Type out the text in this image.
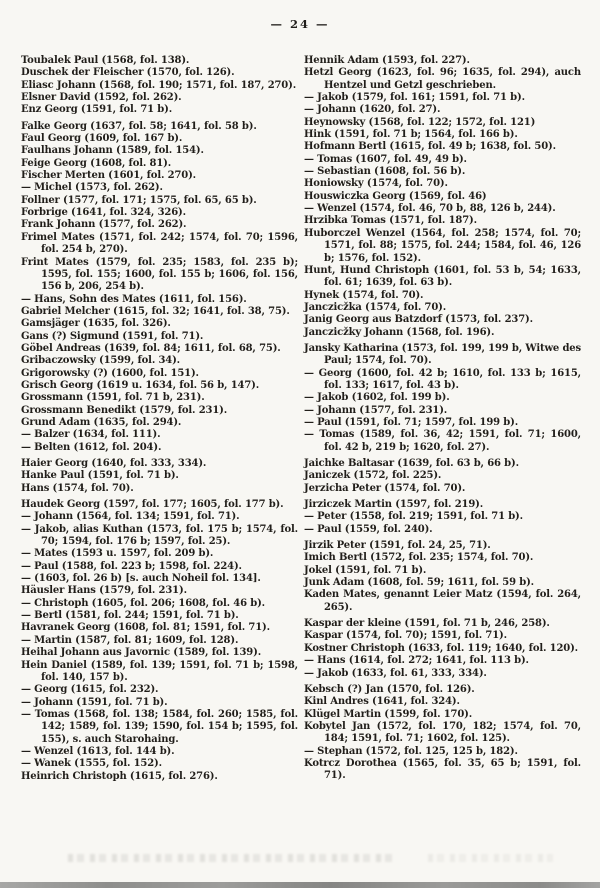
— 24 —

Toubalek Paul (1568, fol. 138).

Duschek der Fleischer (1570, fol. 126).

Eliasc Johann (1568, fol. 190; 1571, fol. 187, 270).

Elsner David (1592, fol. 262).

Enz Georg (1591, fol. 71 b).

Falke Georg (1637, fol. 58; 1641, fol. 58 b).

Faul Georg (1609, fol. 167 b).

Faulhans Johann (1589, fol. 154).

Feige Georg (1608, fol. 81).

Fischer Merten (1601, fol. 270).

— Michel (1573, fol. 262).

Follner (1577, fol. 171; 1575, fol. 65, 65 b).

Forbrige (1641, fol. 324, 326).

Frank Johann (1577, fol. 262).

Frimel Mates (1571, fol. 242; 1574, fol. 70; 1596, fol. 254 b, 270).

Frint Mates (1579, fol. 235; 1583, fol. 235 b); 1595, fol. 155; 1600, fol. 155 b; 1606, fol. 156, 156 b, 206, 254 b).

— Hans, Sohn des Mates (1611, fol. 156).

Gabriel Melcher (1615, fol. 32; 1641, fol. 38, 75).

Gamsjäger (1635, fol. 326).

Gans (?) Sigmund (1591, fol. 71).

Göbel Andreas (1639, fol. 84; 1611, fol. 68, 75).

Gribaczowsky (1599, fol. 34).

Grigorowsky (?) (1600, fol. 151).

Grisch Georg (1619 u. 1634, fol. 56 b, 147).

Grossmann (1591, fol. 71 b, 231).

Grossmann Benedikt (1579, fol. 231).

Grund Adam (1635, fol. 294).

— Balzer (1634, fol. 111).

— Belten (1612, fol. 204).

Haier Georg (1640, fol. 333, 334).

Hanke Paul (1591, fol. 71 b).

Hans (1574, fol. 70).

Haudek Georg (1597, fol. 177; 1605, fol. 177 b).

— Johann (1564, fol. 134; 1591, fol. 71).

— Jakob, alias Kuthan (1573, fol. 175 b; 1574, fol. 70; 1594, fol. 176 b; 1597, fol. 25).

— Mates (1593 u. 1597, fol. 209 b).

— Paul (1588, fol. 223 b; 1598, fol. 224).

— (1603, fol. 26 b) [s. auch Noheil fol. 134].

Häusler Hans (1579, fol. 231).

— Christoph (1605, fol. 206; 1608, fol. 46 b).

— Bertl (1581, fol. 244; 1591, fol. 71 b).

Havranek Georg (1608, fol. 81; 1591, fol. 71).

— Martin (1587, fol. 81; 1609, fol. 128).

Heihal Johann aus Javornic (1589, fol. 139).

Hein Daniel (1589, fol. 139; 1591, fol. 71 b; 1598, fol. 140, 157 b).

— Georg (1615, fol. 232).

— Johann (1591, fol. 71 b).

— Tomas (1568, fol. 138; 1584, fol. 260; 1585, fol. 142; 1589, fol. 139; 1590, fol. 154 b; 1595, fol. 155), s. auch Starohaing.

— Wenzel (1613, fol. 144 b).

— Wanek (1555, fol. 152).

Heinrich Christoph (1615, fol. 276).

Hennik Adam (1593, fol. 227).

Hetzl Georg (1623, fol. 96; 1635, fol. 294), auch Hentzel und Getzl geschrieben.

— Jakob (1579, fol. 161; 1591, fol. 71 b).

— Johann (1620, fol. 27).

Heynowsky (1568, fol. 122; 1572, fol. 121)

Hink (1591, fol. 71 b; 1564, fol. 166 b).

Hofmann Bertl (1615, fol. 49 b; 1638, fol. 50).

— Tomas (1607, fol. 49, 49 b).

— Sebastian (1608, fol. 56 b).

Honiowsky (1574, fol. 70).

Houswiczka Georg (1569, fol. 46)

— Wenzel (1574, fol. 46, 70 b, 88, 126 b, 244).

Hrzibka Tomas (1571, fol. 187).

Huborczel Wenzel (1564, fol. 258; 1574, fol. 70; 1571, fol. 88; 1575, fol. 244; 1584, fol. 46, 126 b; 1576, fol. 152).

Hunt, Hund Christoph (1601, fol. 53 b, 54; 1633, fol. 61; 1639, fol. 63 b).

Hynek (1574, fol. 70).

Janczicžka (1574, fol. 70).

Janig Georg aus Batzdorf (1573, fol. 237).

Janczicžky Johann (1568, fol. 196).

Jansky Katharina (1573, fol. 199, 199 b, Witwe des Paul; 1574, fol. 70).

— Georg (1600, fol. 42 b; 1610, fol. 133 b; 1615, fol. 133; 1617, fol. 43 b).

— Jakob (1602, fol. 199 b).

— Johann (1577, fol. 231).

— Paul (1591, fol. 71; 1597, fol. 199 b).

— Tomas (1589, fol. 36, 42; 1591, fol. 71; 1600, fol. 42 b, 219 b; 1620, fol. 27).

Jaichke Baltasar (1639, fol. 63 b, 66 b).

Janiczek (1572, fol. 225).

Jerzicha Peter (1574, fol. 70).

Jirziczek Martin (1597, fol. 219).

— Peter (1558, fol. 219; 1591, fol. 71 b).

— Paul (1559, fol. 240).

Jirzik Peter (1591, fol. 24, 25, 71).

Imich Bertl (1572, fol. 235; 1574, fol. 70).

Jokel (1591, fol. 71 b).

Junk Adam (1608, fol. 59; 1611, fol. 59 b).

Kaden Mates, genannt Leier Matz (1594, fol. 264, 265).

Kaspar der kleine (1591, fol. 71 b, 246, 258).

Kaspar (1574, fol. 70); 1591, fol. 71).

Kostner Christoph (1633, fol. 119; 1640, fol. 120).

— Hans (1614, fol. 272; 1641, fol. 113 b).

— Jakob (1633, fol. 61, 333, 334).

Kebsch (?) Jan (1570, fol. 126).

Kinl Andres (1641, fol. 324).

Klügel Martin (1599, fol. 170).

Kobytel Jan (1572, fol. 170, 182; 1574, fol. 70, 184; 1591, fol. 71; 1602, fol. 125).

— Stephan (1572, fol. 125, 125 b, 182).

Kotrcz Dorothea (1565, fol. 35, 65 b; 1591, fol. 71).
